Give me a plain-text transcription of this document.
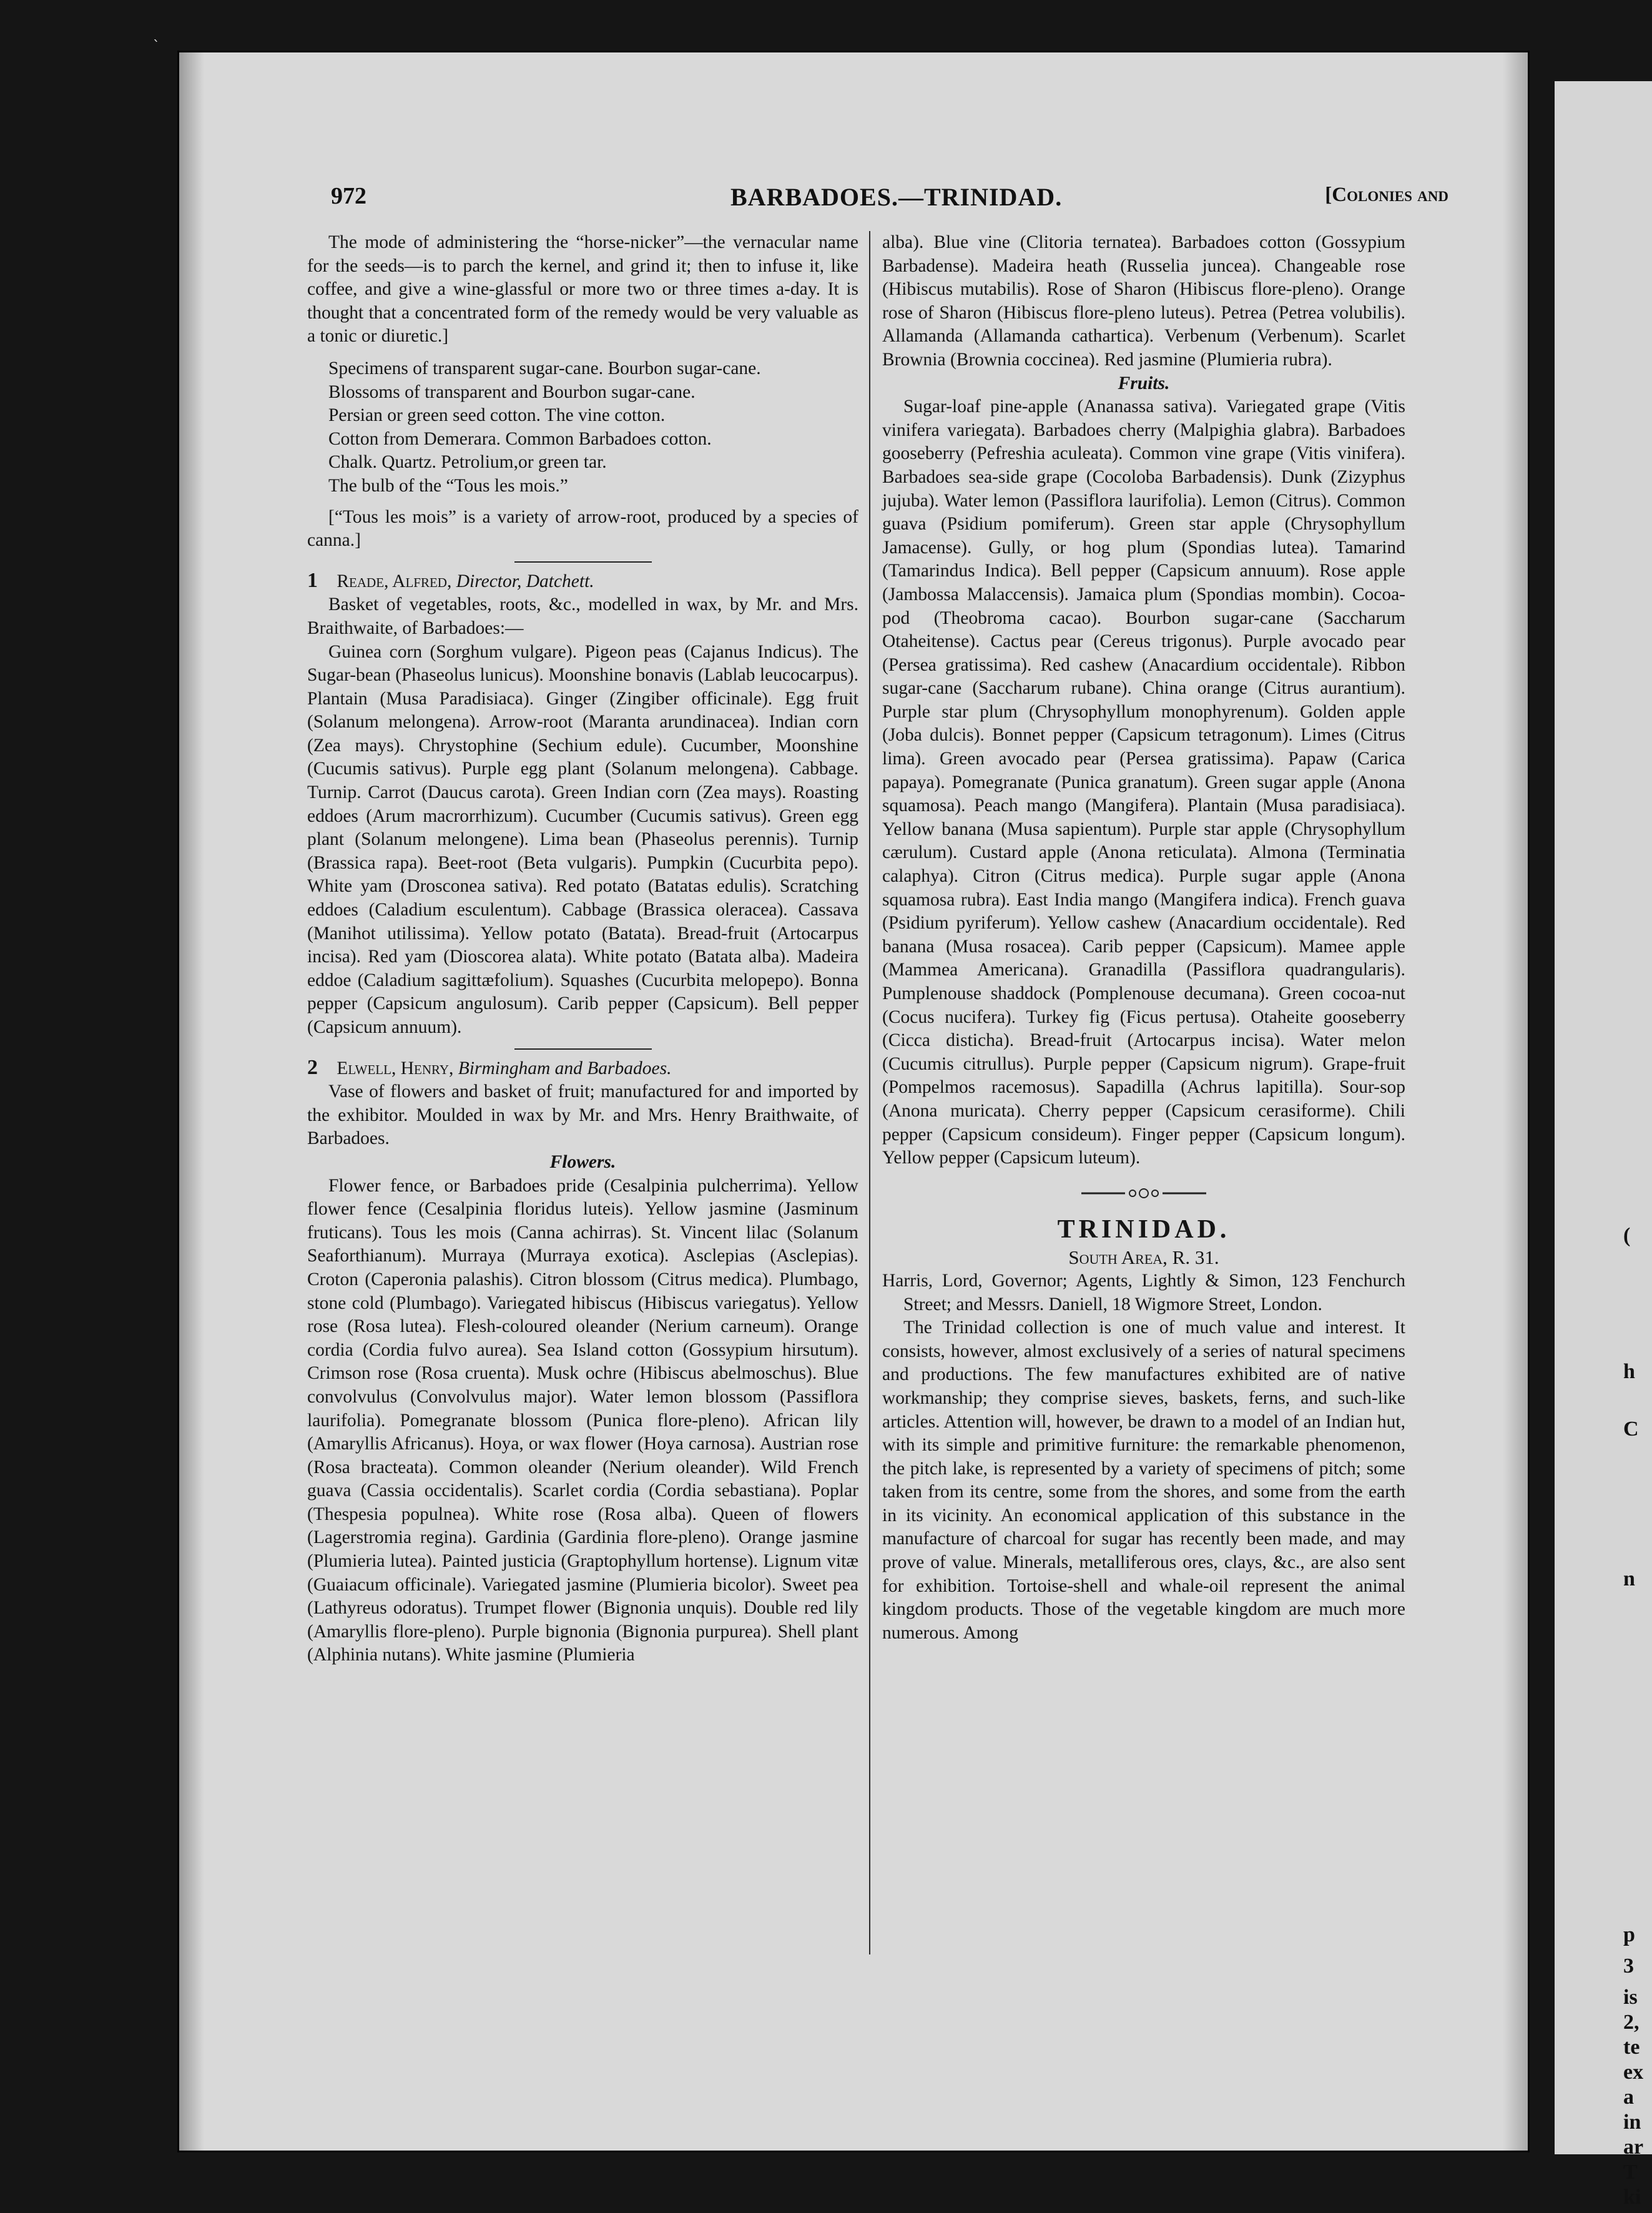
`
h
(
n
C
p
3
is
2,
te
ex
a
in
ar
T
ki
972	BARBADOES.—TRINIDAD.	[Colonies and

The mode of administering the “horse-nicker”—the vernacular name for the seeds—is to parch the kernel, and grind it; then to infuse it, like coffee, and give a wine-glassful or more two or three times a-day. It is thought that a concentrated form of the remedy would be very valuable as a tonic or diuretic.]

Specimens of transparent sugar-cane. Bourbon sugar-cane.

Blossoms of transparent and Bourbon sugar-cane.

Persian or green seed cotton. The vine cotton.

Cotton from Demerara. Common Barbadoes cotton.

Chalk. Quartz. Petrolium,or green tar.

The bulb of the “Tous les mois.”

[“Tous les mois” is a variety of arrow-root, produced by a species of canna.]

1 Reade, Alfred, Director, Datchett.

Basket of vegetables, roots, &c., modelled in wax, by Mr. and Mrs. Braithwaite, of Barbadoes:—

Guinea corn (Sorghum vulgare). Pigeon peas (Cajanus Indicus). The Sugar-bean (Phaseolus lunicus). Moonshine bonavis (Lablab leucocarpus). Plantain (Musa Paradisiaca). Ginger (Zingiber officinale). Egg fruit (Solanum melongena). Arrow-root (Maranta arundinacea). Indian corn (Zea mays). Chrystophine (Sechium edule). Cucumber, Moonshine (Cucumis sativus). Purple egg plant (Solanum melongena). Cabbage. Turnip. Carrot (Daucus carota). Green Indian corn (Zea mays). Roasting eddoes (Arum macrorrhizum). Cucumber (Cucumis sativus). Green egg plant (Solanum melongene). Lima bean (Phaseolus perennis). Turnip (Brassica rapa). Beet-root (Beta vulgaris). Pumpkin (Cucurbita pepo). White yam (Drosconea sativa). Red potato (Batatas edulis). Scratching eddoes (Caladium esculentum). Cabbage (Brassica oleracea). Cassava (Manihot utilissima). Yellow potato (Batata). Bread-fruit (Artocarpus incisa). Red yam (Dioscorea alata). White potato (Batata alba). Madeira eddoe (Caladium sagittæfolium). Squashes (Cucurbita melopepo). Bonna pepper (Capsicum angulosum). Carib pepper (Capsicum). Bell pepper (Capsicum annuum).

2 Elwell, Henry, Birmingham and Barbadoes.

Vase of flowers and basket of fruit; manufactured for and imported by the exhibitor. Moulded in wax by Mr. and Mrs. Henry Braithwaite, of Barbadoes.

Flowers.

Flower fence, or Barbadoes pride (Cesalpinia pulcherrima). Yellow flower fence (Cesalpinia floridus luteis). Yellow jasmine (Jasminum fruticans). Tous les mois (Canna achirras). St. Vincent lilac (Solanum Seaforthianum). Murraya (Murraya exotica). Asclepias (Asclepias). Croton (Caperonia palashis). Citron blossom (Citrus medica). Plumbago, stone cold (Plumbago). Variegated hibiscus (Hibiscus variegatus). Yellow rose (Rosa lutea). Flesh-coloured oleander (Nerium carneum). Orange cordia (Cordia fulvo aurea). Sea Island cotton (Gossypium hirsutum). Crimson rose (Rosa cruenta). Musk ochre (Hibiscus abelmoschus). Blue convolvulus (Convolvulus major). Water lemon blossom (Passiflora laurifolia). Pomegranate blossom (Punica flore-pleno). African lily (Amaryllis Africanus). Hoya, or wax flower (Hoya carnosa). Austrian rose (Rosa bracteata). Common oleander (Nerium oleander). Wild French guava (Cassia occidentalis). Scarlet cordia (Cordia sebastiana). Poplar (Thespesia populnea). White rose (Rosa alba). Queen of flowers (Lagerstromia regina). Gardinia (Gardinia flore-pleno). Orange jasmine (Plumieria lutea). Painted justicia (Graptophyllum hortense). Lignum vitæ (Guaiacum officinale). Variegated jasmine (Plumieria bicolor). Sweet pea (Lathyreus odoratus). Trumpet flower (Bignonia unquis). Double red lily (Amaryllis flore-pleno). Purple bignonia (Bignonia purpurea). Shell plant (Alphinia nutans). White jasmine (Plumieria

alba). Blue vine (Clitoria ternatea). Barbadoes cotton (Gossypium Barbadense). Madeira heath (Russelia juncea). Changeable rose (Hibiscus mutabilis). Rose of Sharon (Hibiscus flore-pleno). Orange rose of Sharon (Hibiscus flore-pleno luteus). Petrea (Petrea volubilis). Allamanda (Allamanda cathartica). Verbenum (Verbenum). Scarlet Brownia (Brownia coccinea). Red jasmine (Plumieria rubra).

Fruits.

Sugar-loaf pine-apple (Ananassa sativa). Variegated grape (Vitis vinifera variegata). Barbadoes cherry (Malpighia glabra). Barbadoes gooseberry (Pefreshia aculeata). Common vine grape (Vitis vinifera). Barbadoes sea-side grape (Cocoloba Barbadensis). Dunk (Zizyphus jujuba). Water lemon (Passiflora laurifolia). Lemon (Citrus). Common guava (Psidium pomiferum). Green star apple (Chrysophyllum Jamacense). Gully, or hog plum (Spondias lutea). Tamarind (Tamarindus Indica). Bell pepper (Capsicum annuum). Rose apple (Jambossa Malaccensis). Jamaica plum (Spondias mombin). Cocoa-pod (Theobroma cacao). Bourbon sugar-cane (Saccharum Otaheitense). Cactus pear (Cereus trigonus). Purple avocado pear (Persea gratissima). Red cashew (Anacardium occidentale). Ribbon sugar-cane (Saccharum rubane). China orange (Citrus aurantium). Purple star plum (Chrysophyllum monophyrenum). Golden apple (Joba dulcis). Bonnet pepper (Capsicum tetragonum). Limes (Citrus lima). Green avocado pear (Persea gratissima). Papaw (Carica papaya). Pomegranate (Punica granatum). Green sugar apple (Anona squamosa). Peach mango (Mangifera). Plantain (Musa paradisiaca). Yellow banana (Musa sapientum). Purple star apple (Chrysophyllum cærulum). Custard apple (Anona reticulata). Almona (Terminatia calaphya). Citron (Citrus medica). Purple sugar apple (Anona squamosa rubra). East India mango (Mangifera indica). French guava (Psidium pyriferum). Yellow cashew (Anacardium occidentale). Red banana (Musa rosacea). Carib pepper (Capsicum). Mamee apple (Mammea Americana). Granadilla (Passiflora quadrangularis). Pumplenouse shaddock (Pomplenouse decumana). Green cocoa-nut (Cocus nucifera). Turkey fig (Ficus pertusa). Otaheite gooseberry (Cicca disticha). Bread-fruit (Artocarpus incisa). Water melon (Cucumis citrullus). Purple pepper (Capsicum nigrum). Grape-fruit (Pompelmos racemosus). Sapadilla (Achrus lapitilla). Sour-sop (Anona muricata). Cherry pepper (Capsicum cerasiforme). Chili pepper (Capsicum consideum). Finger pepper (Capsicum longum). Yellow pepper (Capsicum luteum).

TRINIDAD.

South Area, R. 31.

Harris, Lord, Governor; Agents, Lightly & Simon, 123 Fenchurch Street; and Messrs. Daniell, 18 Wigmore Street, London.

The Trinidad collection is one of much value and interest. It consists, however, almost exclusively of a series of natural specimens and productions. The few manufactures exhibited are of native workmanship; they comprise sieves, baskets, ferns, and such-like articles. Attention will, however, be drawn to a model of an Indian hut, with its simple and primitive furniture: the remarkable phenomenon, the pitch lake, is represented by a variety of specimens of pitch; some taken from its centre, some from the shores, and some from the earth in its vicinity. An economical application of this substance in the manufacture of charcoal for sugar has recently been made, and may prove of value. Minerals, metalliferous ores, clays, &c., are also sent for exhibition. Tortoise-shell and whale-oil represent the animal kingdom products. Those of the vegetable kingdom are much more numerous. Among
